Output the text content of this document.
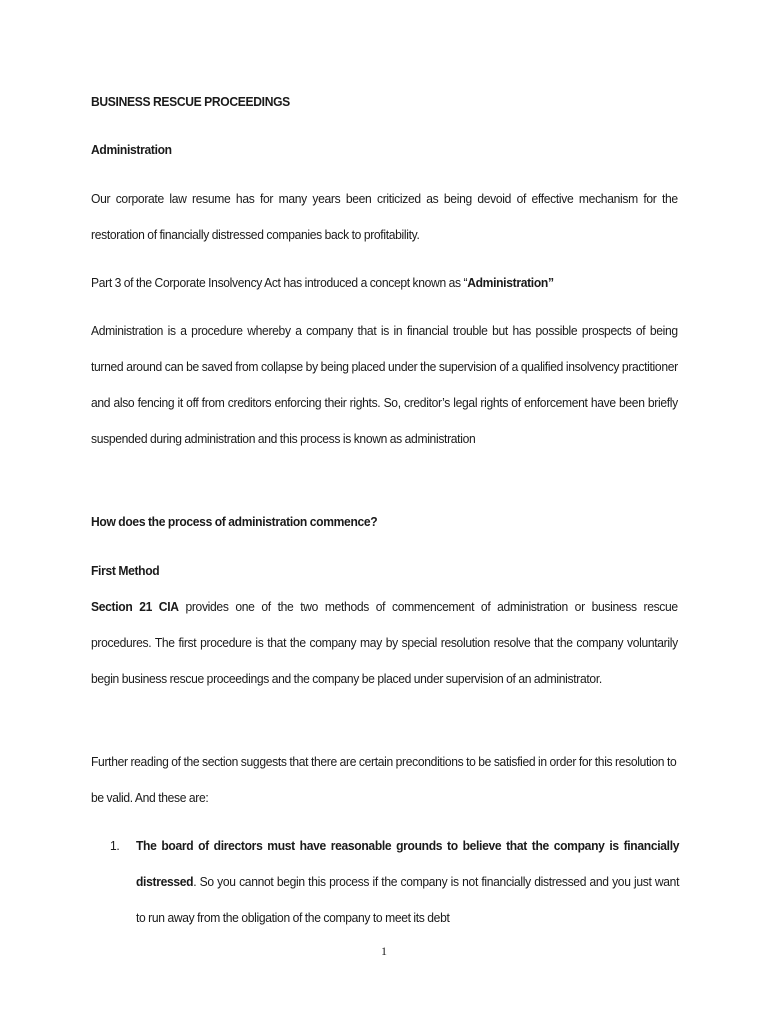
BUSINESS RESCUE PROCEEDINGS
Administration
Our corporate law resume has for many years been criticized as being devoid of effective mechanism for the restoration of financially distressed companies back to profitability.
Part 3 of the Corporate Insolvency Act has introduced a concept known as “Administration”
Administration is a procedure whereby a company that is in financial trouble but has possible prospects of being turned around can be saved from collapse by being placed under the supervision of a qualified insolvency practitioner and also fencing it off from creditors enforcing their rights. So, creditor’s legal rights of enforcement have been briefly suspended during administration and this process is known as administration
How does the process of administration commence?
First Method
Section 21 CIA provides one of the two methods of commencement of administration or business rescue procedures. The first procedure is that the company may by special resolution resolve that the company voluntarily begin business rescue proceedings and the company be placed under supervision of an administrator.
Further reading of the section suggests that there are certain preconditions to be satisfied in order for this resolution to be valid. And these are:
1.	The board of directors must have reasonable grounds to believe that the company is financially distressed. So you cannot begin this process if the company is not financially distressed and you just want to run away from the obligation of the company to meet its debt
1
